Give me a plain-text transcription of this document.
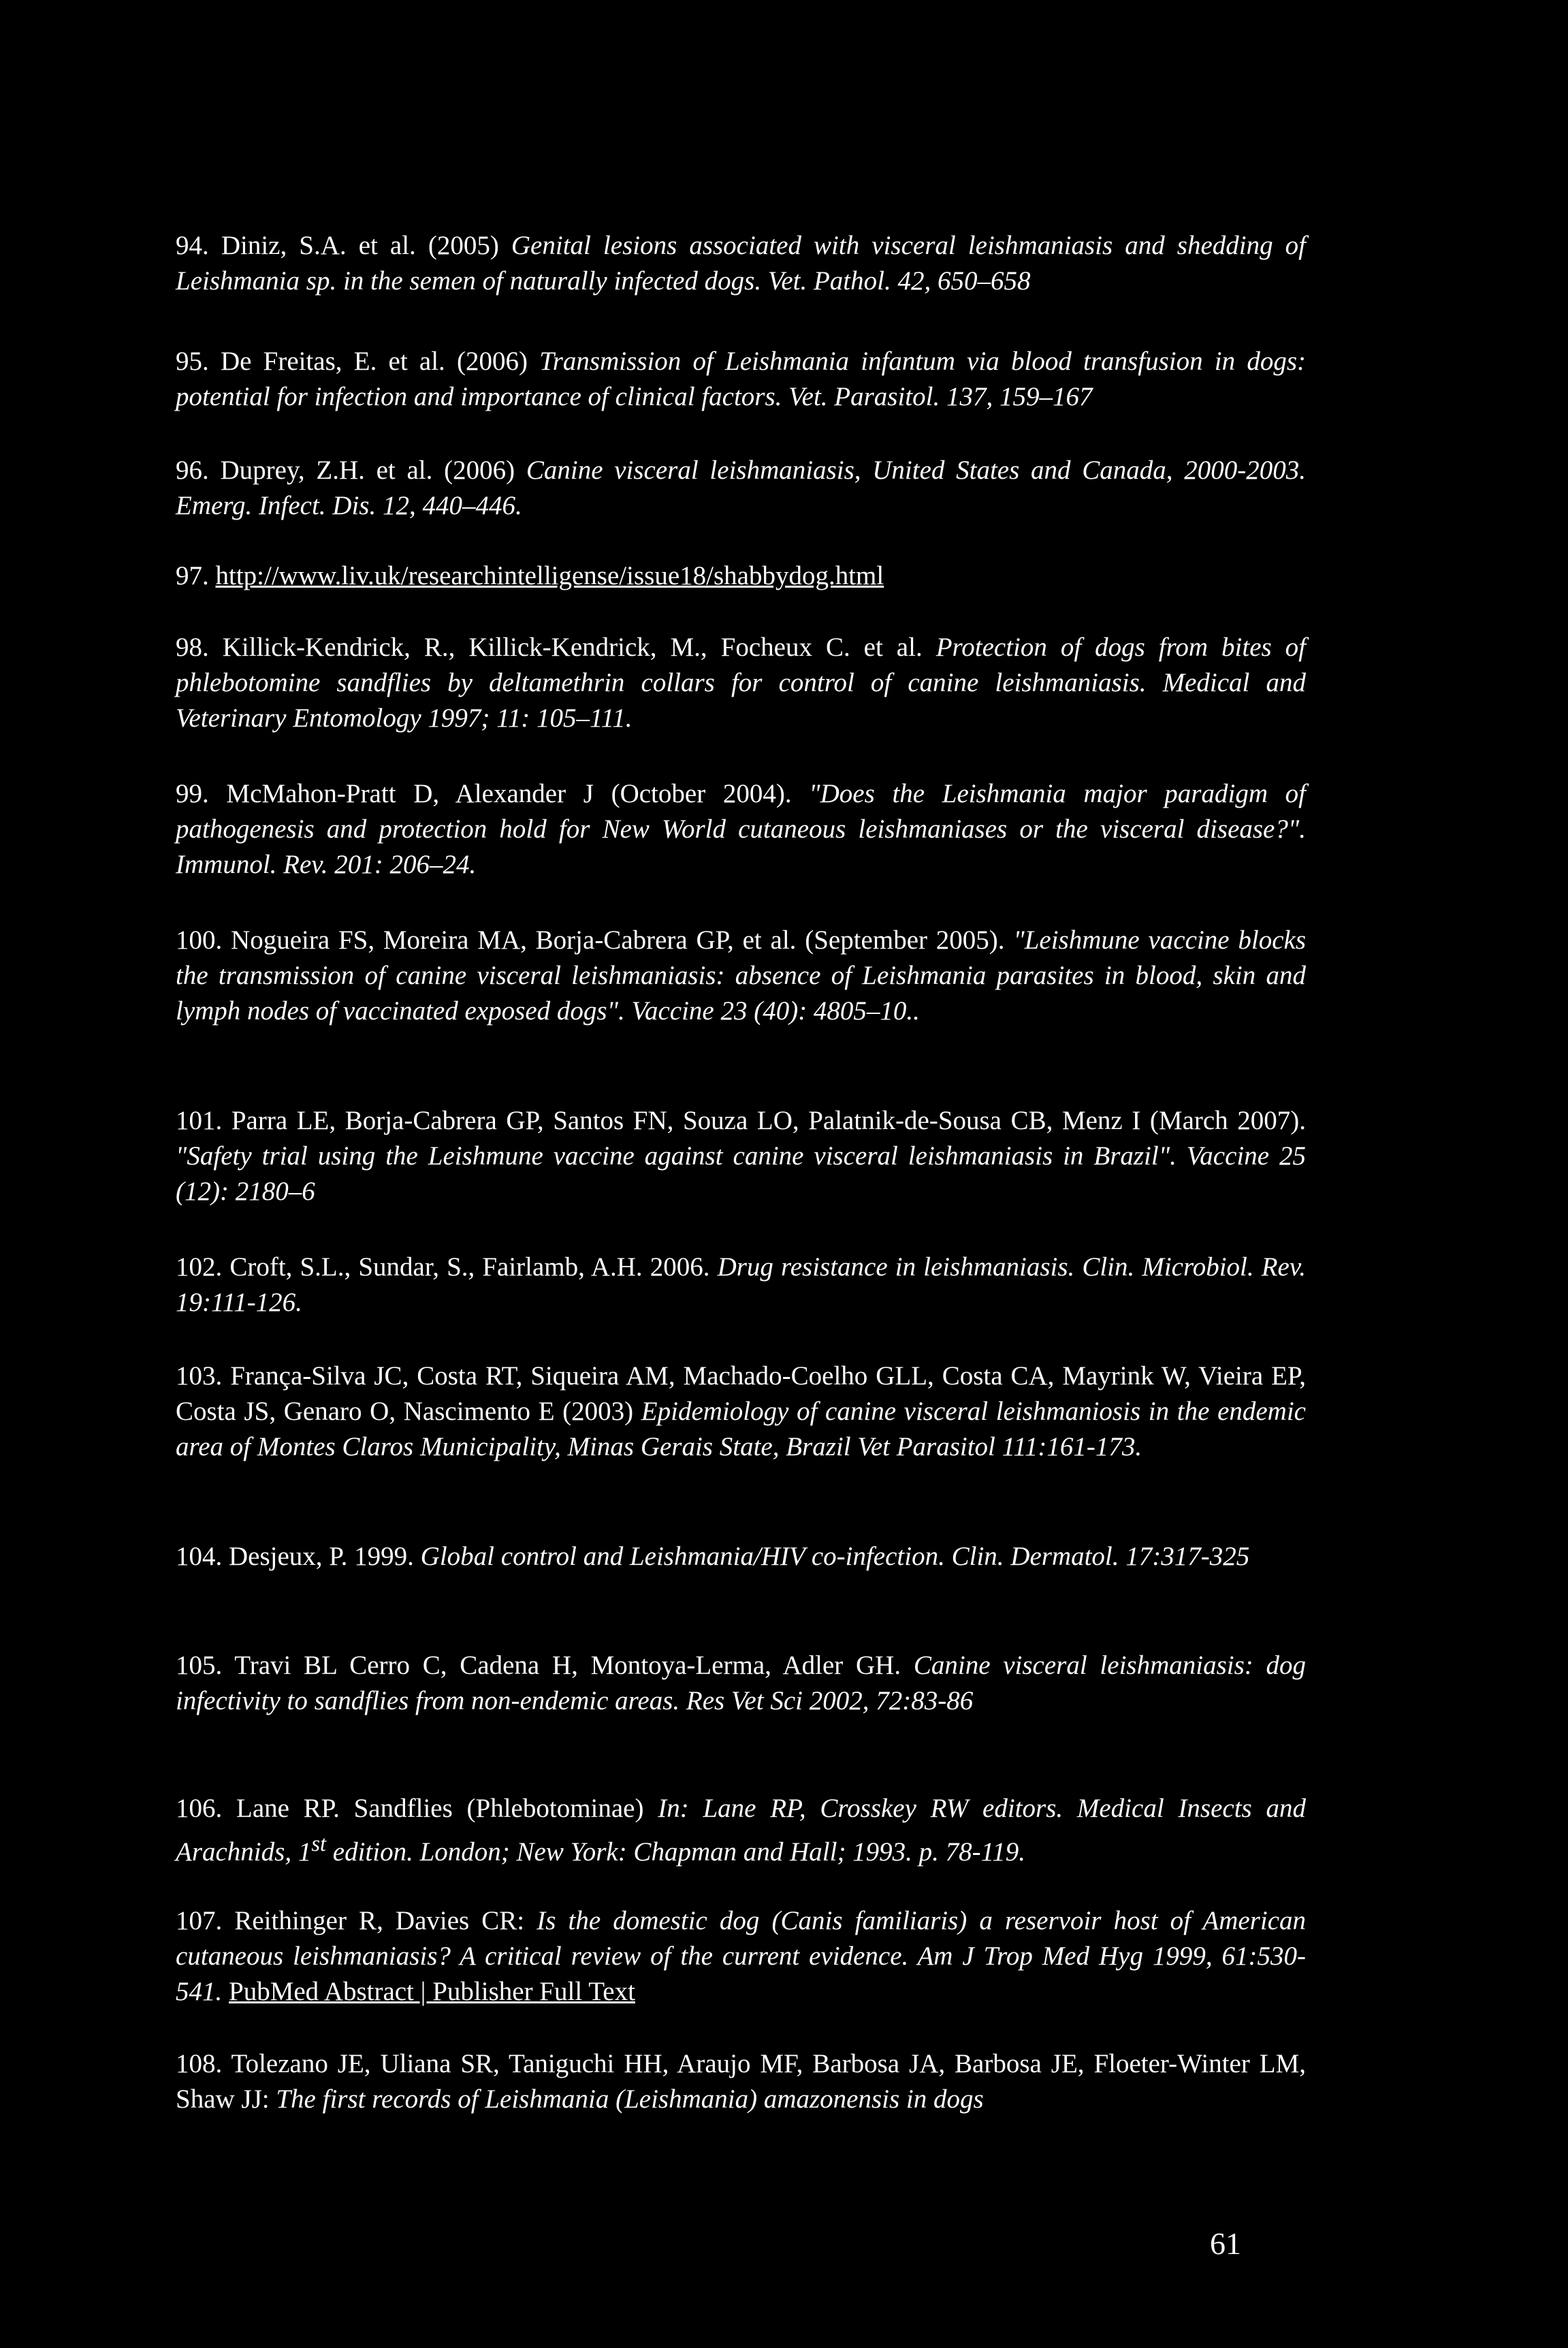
94. Diniz, S.A. et al. (2005) Genital lesions associated with visceral leishmaniasis and shedding of Leishmania sp. in the semen of naturally infected dogs. Vet. Pathol. 42, 650–658

95. De Freitas, E. et al. (2006) Transmission of Leishmania infantum via blood transfusion in dogs: potential for infection and importance of clinical factors. Vet. Parasitol. 137, 159–167

96. Duprey, Z.H. et al. (2006) Canine visceral leishmaniasis, United States and Canada, 2000-2003. Emerg. Infect. Dis. 12, 440–446.

97. http://www.liv.uk/researchintelligense/issue18/shabbydog.html

98. Killick-Kendrick, R., Killick-Kendrick, M., Focheux C. et al. Protection of dogs from bites of phlebotomine sandflies by deltamethrin collars for control of canine leishmaniasis. Medical and Veterinary Entomology 1997; 11: 105–111.

99. McMahon-Pratt D, Alexander J (October 2004). "Does the Leishmania major paradigm of pathogenesis and protection hold for New World cutaneous leishmaniases or the visceral disease?". Immunol. Rev. 201: 206–24.

100. Nogueira FS, Moreira MA, Borja-Cabrera GP, et al. (September 2005). "Leishmune vaccine blocks the transmission of canine visceral leishmaniasis: absence of Leishmania parasites in blood, skin and lymph nodes of vaccinated exposed dogs". Vaccine 23 (40): 4805–10..

101. Parra LE, Borja-Cabrera GP, Santos FN, Souza LO, Palatnik-de-Sousa CB, Menz I (March 2007). "Safety trial using the Leishmune vaccine against canine visceral leishmaniasis in Brazil". Vaccine 25 (12): 2180–6

102. Croft, S.L., Sundar, S., Fairlamb, A.H. 2006. Drug resistance in leishmaniasis. Clin. Microbiol. Rev. 19:111-126.

103. França-Silva JC, Costa RT, Siqueira AM, Machado-Coelho GLL, Costa CA, Mayrink W, Vieira EP, Costa JS, Genaro O, Nascimento E (2003) Epidemiology of canine visceral leishmaniosis in the endemic area of Montes Claros Municipality, Minas Gerais State, Brazil Vet Parasitol 111:161-173.

104. Desjeux, P. 1999. Global control and Leishmania/HIV co-infection. Clin. Dermatol. 17:317-325

105. Travi BL Cerro C, Cadena H, Montoya-Lerma, Adler GH. Canine visceral leishmaniasis: dog infectivity to sandflies from non-endemic areas. Res Vet Sci 2002, 72:83-86

106. Lane RP. Sandflies (Phlebotominae) In: Lane RP, Crosskey RW editors. Medical Insects and Arachnids, 1st edition. London; New York: Chapman and Hall; 1993. p. 78-119.

107. Reithinger R, Davies CR: Is the domestic dog (Canis familiaris) a reservoir host of American cutaneous leishmaniasis? A critical review of the current evidence. Am J Trop Med Hyg 1999, 61:530-541. PubMed Abstract | Publisher Full Text

108. Tolezano JE, Uliana SR, Taniguchi HH, Araujo MF, Barbosa JA, Barbosa JE, Floeter-Winter LM, Shaw JJ: The first records of Leishmania (Leishmania) amazonensis in dogs

61
